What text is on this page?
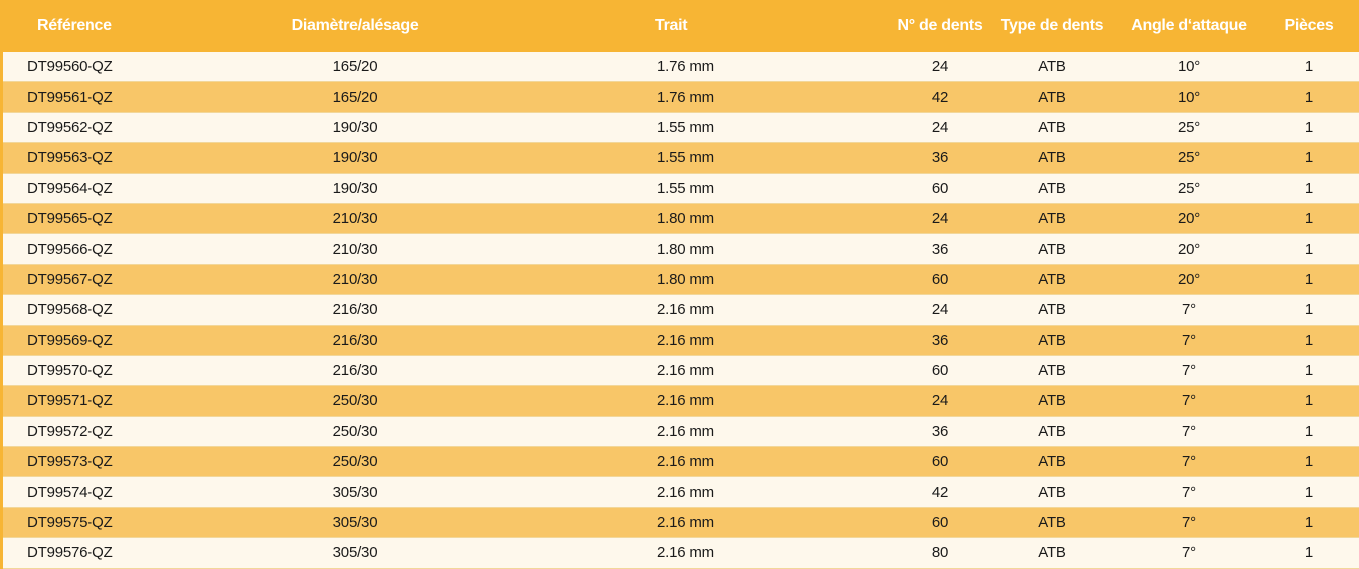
Référence	Diamètre/alésage	Trait	N° de dents	Type de dents	Angle d‘attaque	Pièces
DT99560-QZ	165/20	1.76 mm	24	ATB	10°	1
DT99561-QZ	165/20	1.76 mm	42	ATB	10°	1
DT99562-QZ	190/30	1.55 mm	24	ATB	25°	1
DT99563-QZ	190/30	1.55 mm	36	ATB	25°	1
DT99564-QZ	190/30	1.55 mm	60	ATB	25°	1
DT99565-QZ	210/30	1.80 mm	24	ATB	20°	1
DT99566-QZ	210/30	1.80 mm	36	ATB	20°	1
DT99567-QZ	210/30	1.80 mm	60	ATB	20°	1
DT99568-QZ	216/30	2.16 mm	24	ATB	7°	1
DT99569-QZ	216/30	2.16 mm	36	ATB	7°	1
DT99570-QZ	216/30	2.16 mm	60	ATB	7°	1
DT99571-QZ	250/30	2.16 mm	24	ATB	7°	1
DT99572-QZ	250/30	2.16 mm	36	ATB	7°	1
DT99573-QZ	250/30	2.16 mm	60	ATB	7°	1
DT99574-QZ	305/30	2.16 mm	42	ATB	7°	1
DT99575-QZ	305/30	2.16 mm	60	ATB	7°	1
DT99576-QZ	305/30	2.16 mm	80	ATB	7°	1
